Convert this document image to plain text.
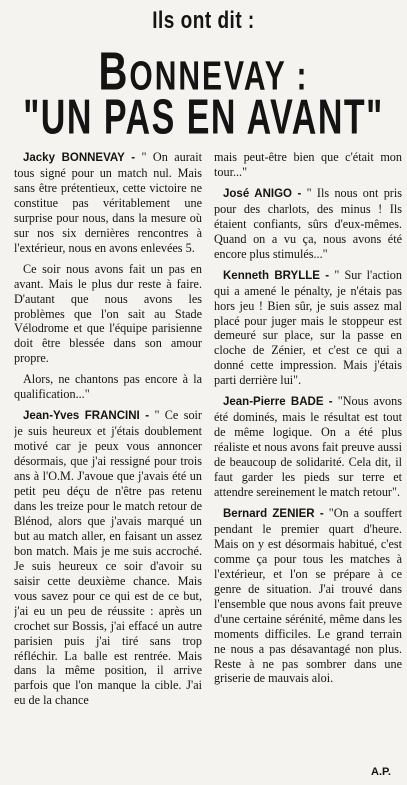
Ils ont dit :
BONNEVAY :
"UN PAS EN AVANT"

Jacky BONNEVAY - " On aurait tous signé pour un match nul. Mais sans être prétentieux, cette victoire ne constitue pas véritablement une surprise pour nous, dans la mesure où sur nos six dernières rencontres à l'extérieur, nous en avons enlevées 5.

Ce soir nous avons fait un pas en avant. Mais le plus dur reste à faire. D'autant que nous avons les problèmes que l'on sait au Stade Vélodrome et que l'équipe parisienne doit être blessée dans son amour propre.

Alors, ne chantons pas encore à la qualification..."

Jean-Yves FRANCINI - " Ce soir je suis heureux et j'étais doublement motivé car je peux vous annoncer désormais, que j'ai ressigné pour trois ans à l'O.M. J'avoue que j'avais été un petit peu déçu de n'être pas retenu dans les treize pour le match retour de Blénod, alors que j'avais marqué un but au match aller, en faisant un assez bon match. Mais je me suis accroché. Je suis heureux ce soir d'avoir su saisir cette deuxième chance. Mais vous savez pour ce qui est de ce but, j'ai eu un peu de réussite : après un crochet sur Bossis, j'ai effacé un autre parisien puis j'ai tiré sans trop réfléchir. La balle est rentrée. Mais dans la même position, il arrive parfois que l'on manque la cible. J'ai eu de la chance

mais peut-être bien que c'était mon tour..."

José ANIGO - " Ils nous ont pris pour des charlots, des minus ! Ils étaient confiants, sûrs d'eux-mêmes. Quand on a vu ça, nous avons été encore plus stimulés..."

Kenneth BRYLLE - " Sur l'action qui a amené le pénalty, je n'étais pas hors jeu ! Bien sûr, je suis assez mal placé pour juger mais le stoppeur est demeuré sur place, sur la passe en cloche de Zénier, et c'est ce qui a donné cette impression. Mais j'étais parti derrière lui".

Jean-Pierre BADE - "Nous avons été dominés, mais le résultat est tout de même logique. On a été plus réaliste et nous avons fait preuve aussi de beaucoup de solidarité. Cela dit, il faut garder les pieds sur terre et attendre sereinement le match retour".

Bernard ZENIER - "On a souffert pendant le premier quart d'heure. Mais on y est désormais habitué, c'est comme ça pour tous les matches à l'extérieur, et l'on se prépare à ce genre de situation. J'ai trouvé dans l'ensemble que nous avons fait preuve d'une certaine sérénité, même dans les moments difficiles. Le grand terrain ne nous a pas désavantagé non plus. Reste à ne pas sombrer dans une griserie de mauvais aloi.

A.P.
